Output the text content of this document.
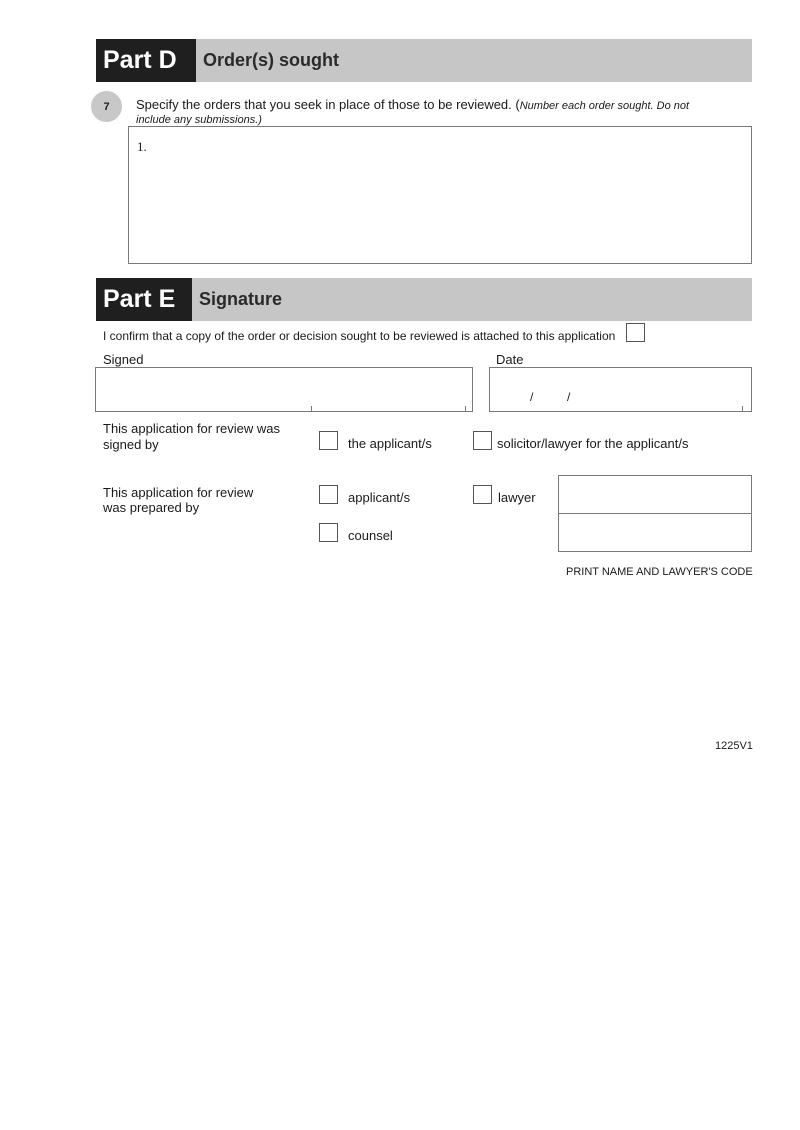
Part D	Order(s) sought
7	Specify the orders that you seek in place of those to be reviewed. (Number each order sought. Do not
include any submissions.)
1.
Part E	Signature
I confirm that a copy of the order or decision sought to be reviewed is attached to this application
Signed	Date
/	/
This application for review was
signed by	the applicant/s	solicitor/lawyer for the applicant/s
This application for review
was prepared by
applicant/s	lawyer
counsel
PRINT NAME AND LAWYER'S CODE
1225V1
